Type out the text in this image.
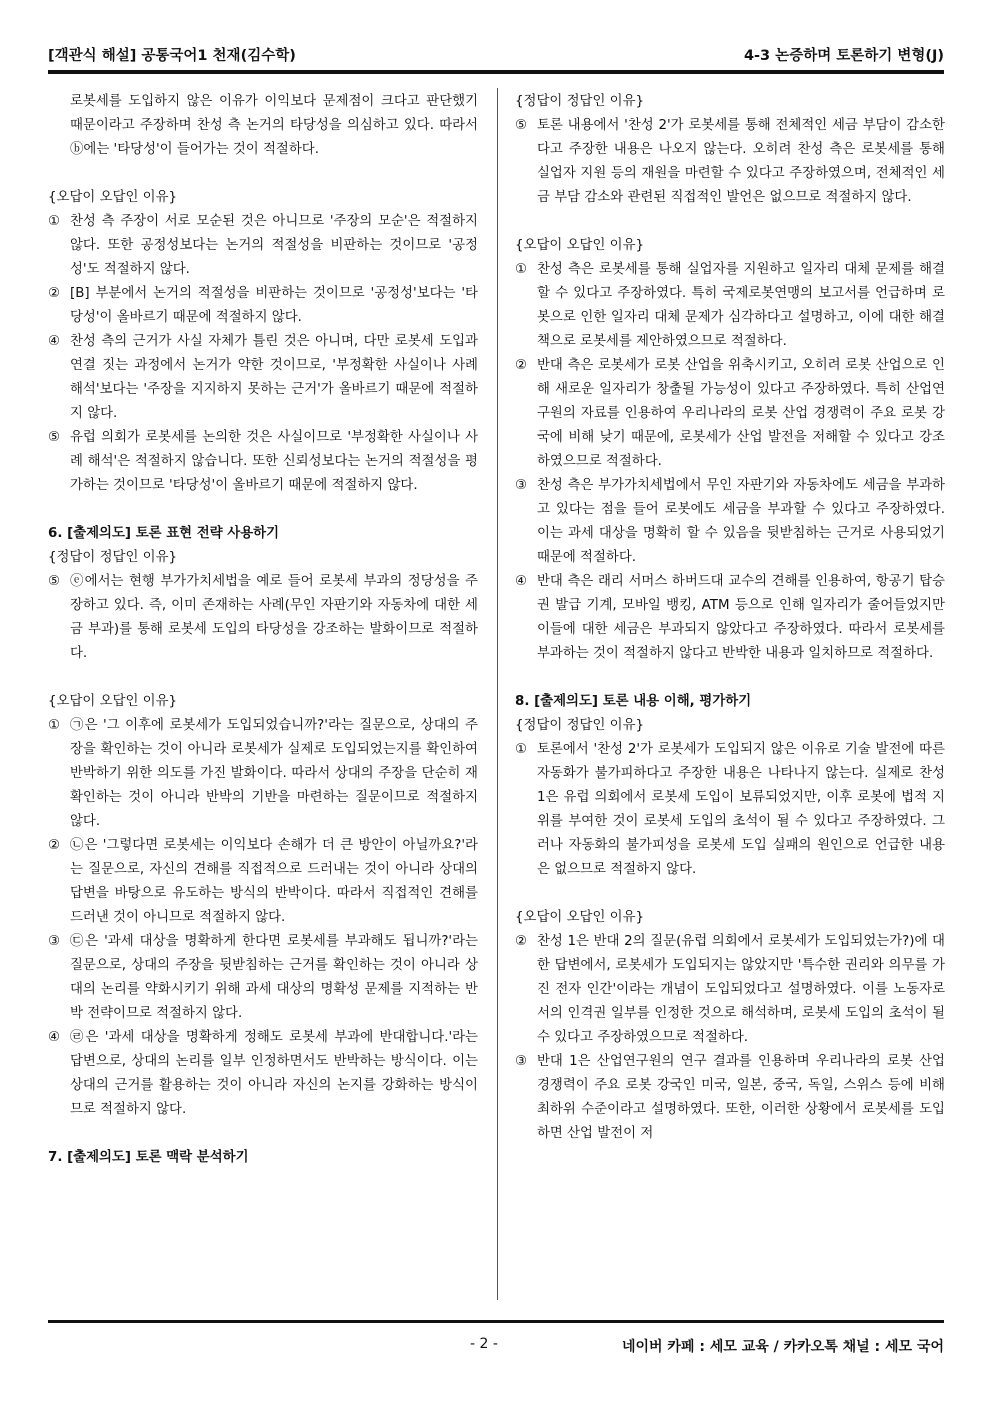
[객관식 해설] 공통국어1 천재(김수학)	4-3 논증하며 토론하기 변형(J)

로봇세를 도입하지 않은 이유가 이익보다 문제점이 크다고 판단했기 때문이라고 주장하며 찬성 측 논거의 타당성을 의심하고 있다. 따라서 ⓑ에는 '타당성'이 들어가는 것이 적절하다.

{오답이 오답인 이유}

① 찬성 측 주장이 서로 모순된 것은 아니므로 '주장의 모순'은 적절하지 않다. 또한 공정성보다는 논거의 적절성을 비판하는 것이므로 '공정성'도 적절하지 않다.
② [B] 부분에서 논거의 적절성을 비판하는 것이므로 '공정성'보다는 '타당성'이 올바르기 때문에 적절하지 않다.
④ 찬성 측의 근거가 사실 자체가 틀린 것은 아니며, 다만 로봇세 도입과 연결 짓는 과정에서 논거가 약한 것이므로, '부정확한 사실이나 사례 해석'보다는 '주장을 지지하지 못하는 근거'가 올바르기 때문에 적절하지 않다.
⑤ 유럽 의회가 로봇세를 논의한 것은 사실이므로 '부정확한 사실이나 사례 해석'은 적절하지 않습니다. 또한 신뢰성보다는 논거의 적절성을 평가하는 것이므로 '타당성'이 올바르기 때문에 적절하지 않다.

6. [출제의도] 토론 표현 전략 사용하기

{정답이 정답인 이유}

⑤ ⓔ에서는 현행 부가가치세법을 예로 들어 로봇세 부과의 정당성을 주장하고 있다. 즉, 이미 존재하는 사례(무인 자판기와 자동차에 대한 세금 부과)를 통해 로봇세 도입의 타당성을 강조하는 발화이므로 적절하다.

{오답이 오답인 이유}

① ㉠은 '그 이후에 로봇세가 도입되었습니까?'라는 질문으로, 상대의 주장을 확인하는 것이 아니라 로봇세가 실제로 도입되었는지를 확인하여 반박하기 위한 의도를 가진 발화이다. 따라서 상대의 주장을 단순히 재확인하는 것이 아니라 반박의 기반을 마련하는 질문이므로 적절하지 않다.
② ㉡은 '그렇다면 로봇세는 이익보다 손해가 더 큰 방안이 아닐까요?'라는 질문으로, 자신의 견해를 직접적으로 드러내는 것이 아니라 상대의 답변을 바탕으로 유도하는 방식의 반박이다. 따라서 직접적인 견해를 드러낸 것이 아니므로 적절하지 않다.
③ ㉢은 '과세 대상을 명확하게 한다면 로봇세를 부과해도 됩니까?'라는 질문으로, 상대의 주장을 뒷받침하는 근거를 확인하는 것이 아니라 상대의 논리를 약화시키기 위해 과세 대상의 명확성 문제를 지적하는 반박 전략이므로 적절하지 않다.
④ ㉣은 '과세 대상을 명확하게 정해도 로봇세 부과에 반대합니다.'라는 답변으로, 상대의 논리를 일부 인정하면서도 반박하는 방식이다. 이는 상대의 근거를 활용하는 것이 아니라 자신의 논지를 강화하는 방식이므로 적절하지 않다.

7. [출제의도] 토론 맥락 분석하기

{정답이 정답인 이유}

⑤ 토론 내용에서 '찬성 2'가 로봇세를 통해 전체적인 세금 부담이 감소한다고 주장한 내용은 나오지 않는다. 오히려 찬성 측은 로봇세를 통해 실업자 지원 등의 재원을 마련할 수 있다고 주장하였으며, 전체적인 세금 부담 감소와 관련된 직접적인 발언은 없으므로 적절하지 않다.

{오답이 오답인 이유}

① 찬성 측은 로봇세를 통해 실업자를 지원하고 일자리 대체 문제를 해결할 수 있다고 주장하였다. 특히 국제로봇연맹의 보고서를 언급하며 로봇으로 인한 일자리 대체 문제가 심각하다고 설명하고, 이에 대한 해결책으로 로봇세를 제안하였으므로 적절하다.
② 반대 측은 로봇세가 로봇 산업을 위축시키고, 오히려 로봇 산업으로 인해 새로운 일자리가 창출될 가능성이 있다고 주장하였다. 특히 산업연구원의 자료를 인용하여 우리나라의 로봇 산업 경쟁력이 주요 로봇 강국에 비해 낮기 때문에, 로봇세가 산업 발전을 저해할 수 있다고 강조하였으므로 적절하다.
③ 찬성 측은 부가가치세법에서 무인 자판기와 자동차에도 세금을 부과하고 있다는 점을 들어 로봇에도 세금을 부과할 수 있다고 주장하였다. 이는 과세 대상을 명확히 할 수 있음을 뒷받침하는 근거로 사용되었기 때문에 적절하다.
④ 반대 측은 래리 서머스 하버드대 교수의 견해를 인용하여, 항공기 탑승권 발급 기계, 모바일 뱅킹, ATM 등으로 인해 일자리가 줄어들었지만 이들에 대한 세금은 부과되지 않았다고 주장하였다. 따라서 로봇세를 부과하는 것이 적절하지 않다고 반박한 내용과 일치하므로 적절하다.

8. [출제의도] 토론 내용 이해, 평가하기

{정답이 정답인 이유}

① 토론에서 '찬성 2'가 로봇세가 도입되지 않은 이유로 기술 발전에 따른 자동화가 불가피하다고 주장한 내용은 나타나지 않는다. 실제로 찬성 1은 유럽 의회에서 로봇세 도입이 보류되었지만, 이후 로봇에 법적 지위를 부여한 것이 로봇세 도입의 초석이 될 수 있다고 주장하였다. 그러나 자동화의 불가피성을 로봇세 도입 실패의 원인으로 언급한 내용은 없으므로 적절하지 않다.

{오답이 오답인 이유}

② 찬성 1은 반대 2의 질문(유럽 의회에서 로봇세가 도입되었는가?)에 대한 답변에서, 로봇세가 도입되지는 않았지만 '특수한 권리와 의무를 가진 전자 인간'이라는 개념이 도입되었다고 설명하였다. 이를 노동자로서의 인격권 일부를 인정한 것으로 해석하며, 로봇세 도입의 초석이 될 수 있다고 주장하였으므로 적절하다.
③ 반대 1은 산업연구원의 연구 결과를 인용하며 우리나라의 로봇 산업 경쟁력이 주요 로봇 강국인 미국, 일본, 중국, 독일, 스위스 등에 비해 최하위 수준이라고 설명하였다. 또한, 이러한 상황에서 로봇세를 도입하면 산업 발전이 저
- 2 -	네이버 카페 : 세모 교육 / 카카오톡 채널 : 세모 국어
